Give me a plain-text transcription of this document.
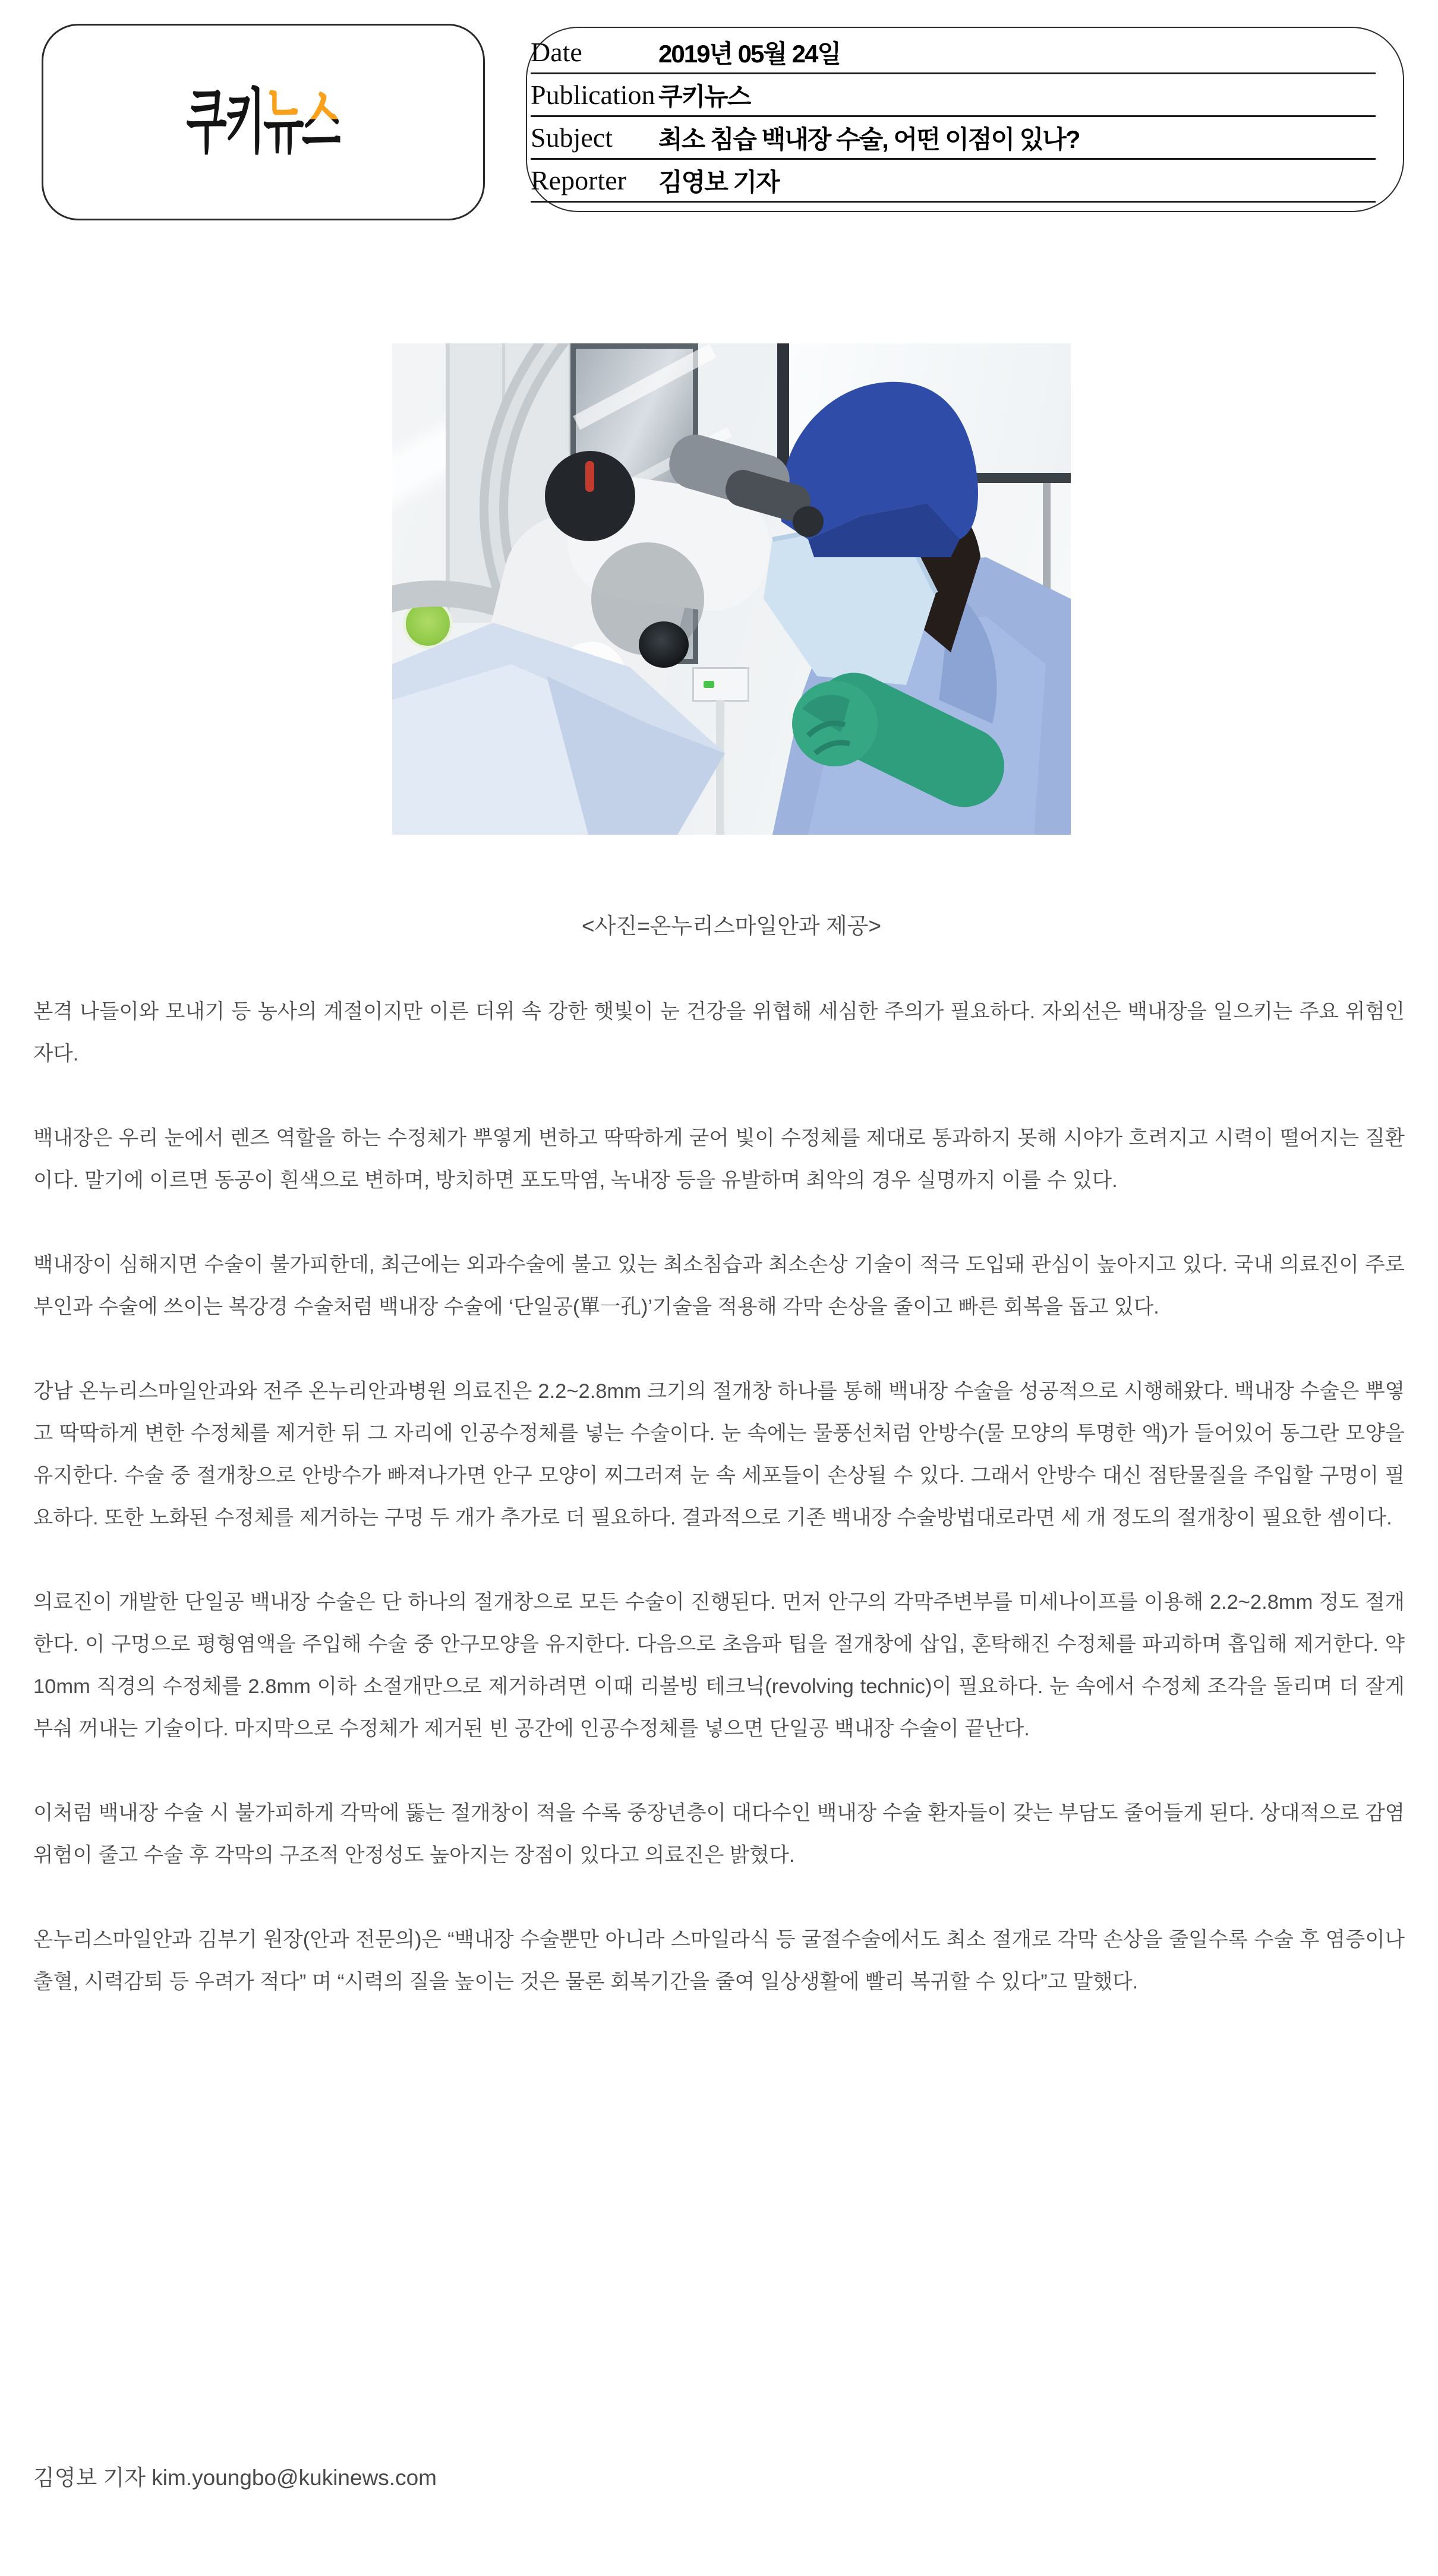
쿠키뉴스
Date	2019년 05월 24일
Publication 쿠키뉴스
Subject	최소 침습 백내장 수술, 어떤 이점이 있나?
Reporter	김영보 기자
<사진=온누리스마일안과 제공>

본격 나들이와 모내기 등 농사의 계절이지만 이른 더위 속 강한 햇빛이 눈 건강을 위협해 세심한 주의가 필요하다. 자외선은 백내장을 일으키는 주요 위험인자다.

백내장은 우리 눈에서 렌즈 역할을 하는 수정체가 뿌옇게 변하고 딱딱하게 굳어 빛이 수정체를 제대로 통과하지 못해 시야가 흐려지고 시력이 떨어지는 질환이다. 말기에 이르면 동공이 흰색으로 변하며, 방치하면 포도막염, 녹내장 등을 유발하며 최악의 경우 실명까지 이를 수 있다.

백내장이 심해지면 수술이 불가피한데, 최근에는 외과수술에 불고 있는 최소침습과 최소손상 기술이 적극 도입돼 관심이 높아지고 있다. 국내 의료진이 주로 부인과 수술에 쓰이는 복강경 수술처럼 백내장 수술에 ‘단일공(單一孔)’기술을 적용해 각막 손상을 줄이고 빠른 회복을 돕고 있다.

강남 온누리스마일안과와 전주 온누리안과병원 의료진은 2.2~2.8mm 크기의 절개창 하나를 통해 백내장 수술을 성공적으로 시행해왔다. 백내장 수술은 뿌옇고 딱딱하게 변한 수정체를 제거한 뒤 그 자리에 인공수정체를 넣는 수술이다. 눈 속에는 물풍선처럼 안방수(물 모양의 투명한 액)가 들어있어 동그란 모양을 유지한다. 수술 중 절개창으로 안방수가 빠져나가면 안구 모양이 찌그러져 눈 속 세포들이 손상될 수 있다. 그래서 안방수 대신 점탄물질을 주입할 구멍이 필요하다. 또한 노화된 수정체를 제거하는 구멍 두 개가 추가로 더 필요하다. 결과적으로 기존 백내장 수술방법대로라면 세 개 정도의 절개창이 필요한 셈이다.

의료진이 개발한 단일공 백내장 수술은 단 하나의 절개창으로 모든 수술이 진행된다. 먼저 안구의 각막주변부를 미세나이프를 이용해 2.2~2.8mm 정도 절개한다. 이 구멍으로 평형염액을 주입해 수술 중 안구모양을 유지한다. 다음으로 초음파 팁을 절개창에 삽입, 혼탁해진 수정체를 파괴하며 흡입해 제거한다. 약 10mm 직경의 수정체를 2.8mm 이하 소절개만으로 제거하려면 이때 리볼빙 테크닉(revolving technic)이 필요하다. 눈 속에서 수정체 조각을 돌리며 더 잘게 부숴 꺼내는 기술이다. 마지막으로 수정체가 제거된 빈 공간에 인공수정체를 넣으면 단일공 백내장 수술이 끝난다.

이처럼 백내장 수술 시 불가피하게 각막에 뚫는 절개창이 적을 수록 중장년층이 대다수인 백내장 수술 환자들이 갖는 부담도 줄어들게 된다. 상대적으로 감염 위험이 줄고 수술 후 각막의 구조적 안정성도 높아지는 장점이 있다고 의료진은 밝혔다.

온누리스마일안과 김부기 원장(안과 전문의)은 “백내장 수술뿐만 아니라 스마일라식 등 굴절수술에서도 최소 절개로 각막 손상을 줄일수록 수술 후 염증이나 출혈, 시력감퇴 등 우려가 적다” 며 “시력의 질을 높이는 것은 물론 회복기간을 줄여 일상생활에 빨리 복귀할 수 있다”고 말했다.

김영보 기자 kim.youngbo@kukinews.com
